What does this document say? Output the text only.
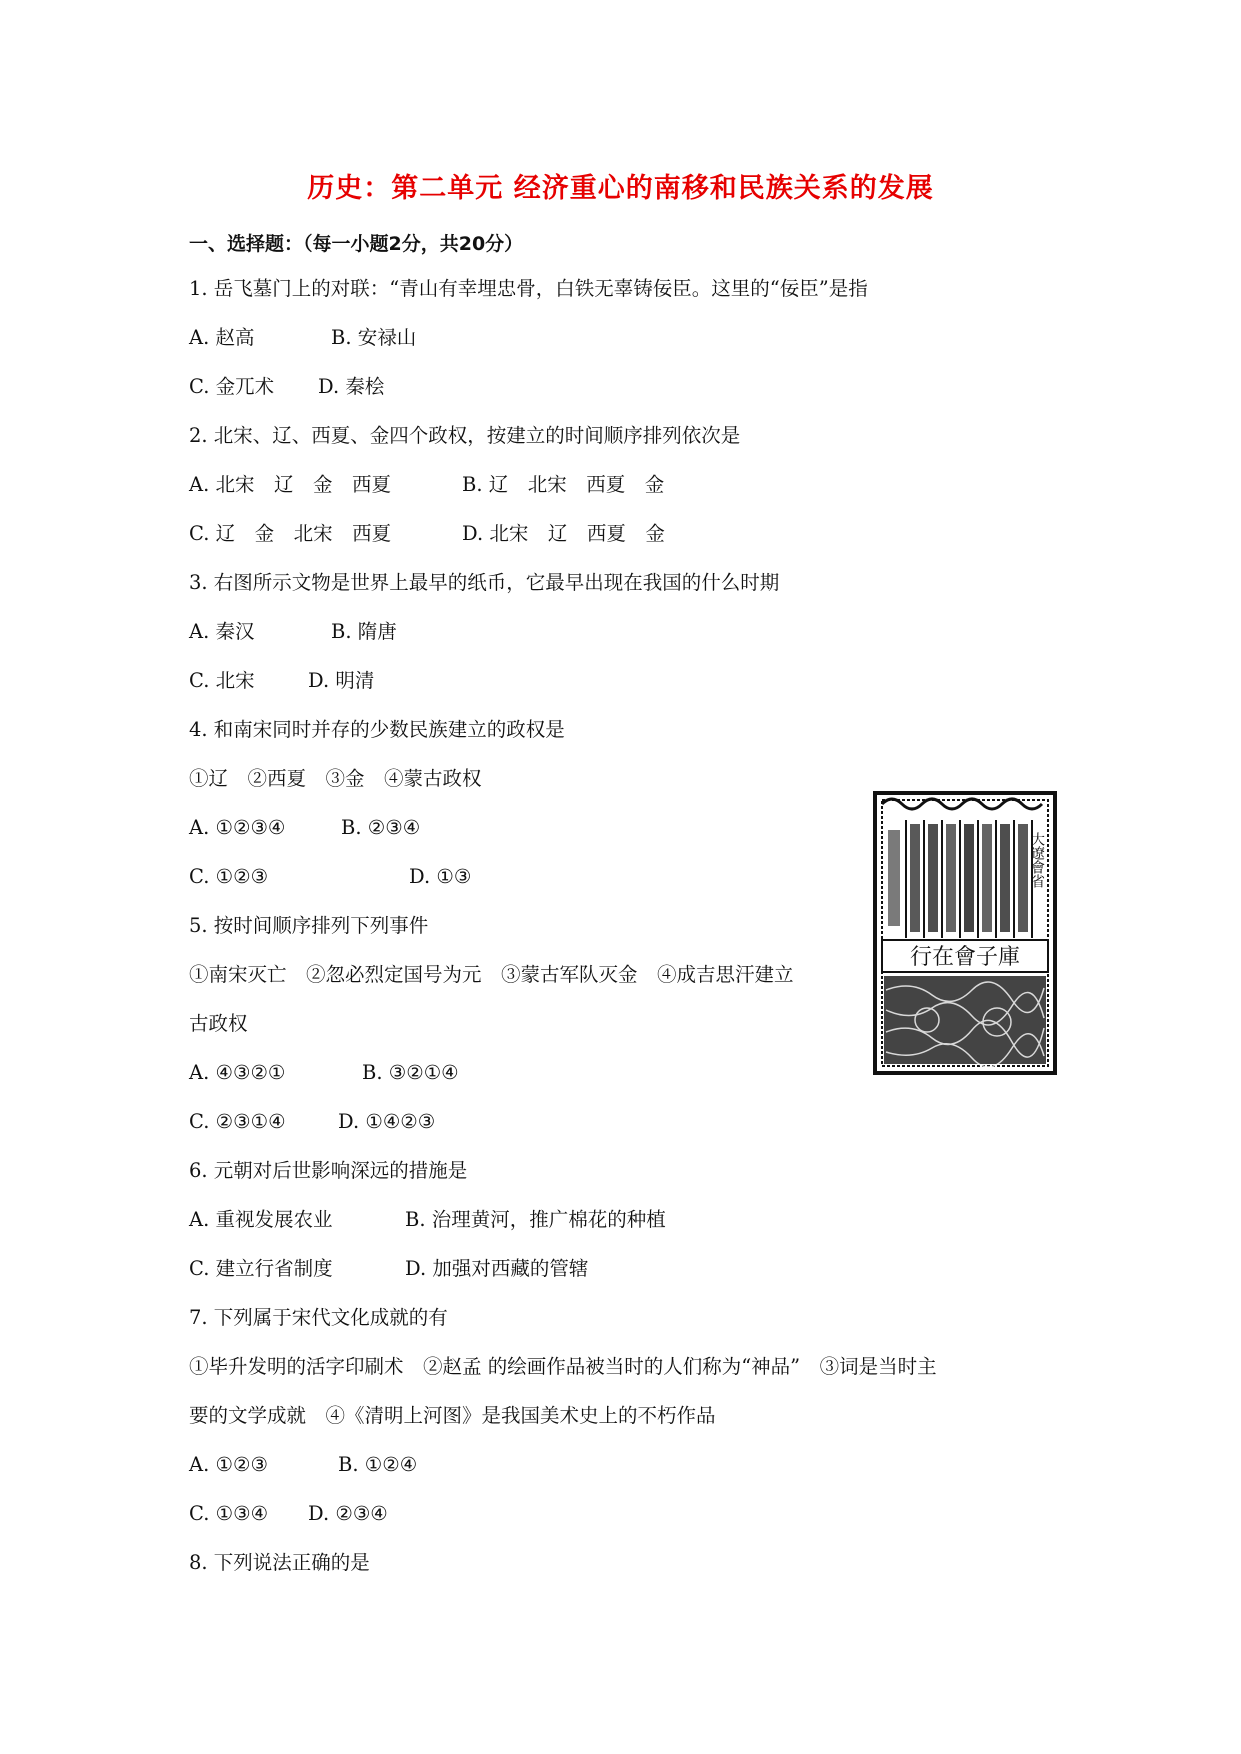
历史：第二单元 经济重心的南移和民族关系的发展
一、选择题：（每一小题2分，共20分）
1. 岳飞墓门上的对联：“青山有幸埋忠骨，白铁无辜铸佞臣。这里的“佞臣”是指
A. 赵高	B. 安禄山
C. 金兀术 D. 秦桧
2. 北宋、辽、西夏、金四个政权，按建立的时间顺序排列依次是
A. 北宋　辽　金　西夏	B. 辽　北宋　西夏　金
C. 辽　金　北宋　西夏	D. 北宋　辽　西夏　金
3. 右图所示文物是世界上最早的纸币，它最早出现在我国的什么时期
A. 秦汉	B. 隋唐
C. 北宋	D. 明清
4. 和南宋同时并存的少数民族建立的政权是
①辽　②西夏　③金　④蒙古政权
A. ①②③④	B. ②③④
C. ①②③	D. ①③
5. 按时间顺序排列下列事件
①南宋灭亡　②忽必烈定国号为元　③蒙古军队灭金　④成吉思汗建立
古政权
A. ④③②①	B. ③②①④
C. ②③①④	D. ①④②③
6. 元朝对后世影响深远的措施是
A. 重视发展农业	B. 治理黄河，推广棉花的种植
C. 建立行省制度	D. 加强对西藏的管辖
7. 下列属于宋代文化成就的有
①毕升发明的活字印刷术　②赵孟 的绘画作品被当时的人们称为“神品”　③词是当时主
要的文学成就　④《清明上河图》是我国美术史上的不朽作品
A. ①②③	B. ①②④
C. ①③④ D. ②③④
8. 下列说法正确的是
大遼會省
行在會子庫
